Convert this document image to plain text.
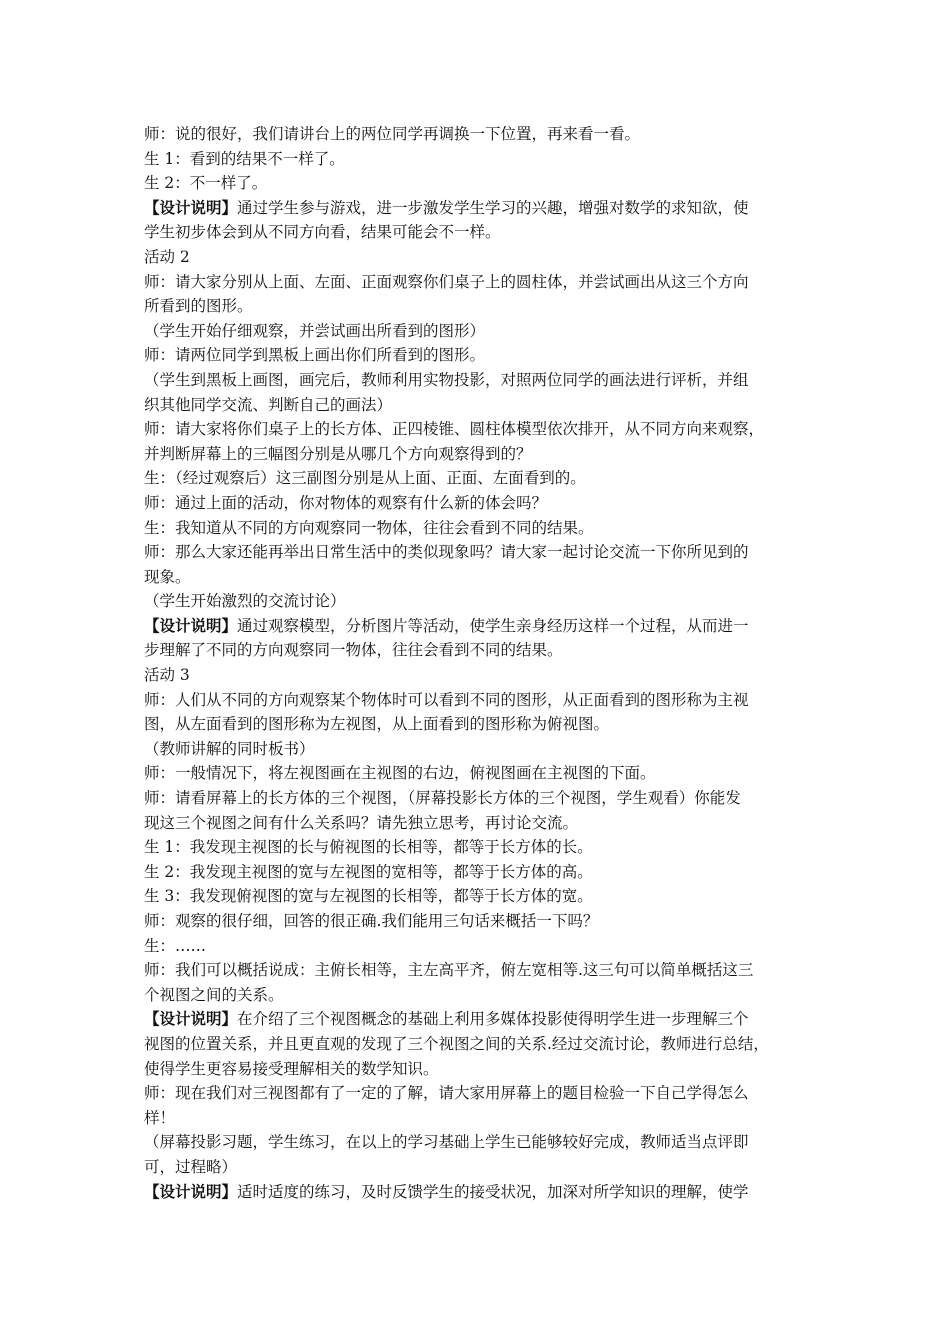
师：说的很好，我们请讲台上的两位同学再调换一下位置，再来看一看。
生 1：看到的结果不一样了。
生 2：不一样了。
【设计说明】通过学生参与游戏，进一步激发学生学习的兴趣，增强对数学的求知欲，使
学生初步体会到从不同方向看，结果可能会不一样。
活动 2
师：请大家分别从上面、左面、正面观察你们桌子上的圆柱体，并尝试画出从这三个方向
所看到的图形。
（学生开始仔细观察，并尝试画出所看到的图形）
师：请两位同学到黑板上画出你们所看到的图形。
（学生到黑板上画图，画完后，教师利用实物投影，对照两位同学的画法进行评析，并组
织其他同学交流、判断自己的画法）
师：请大家将你们桌子上的长方体、正四棱锥、圆柱体模型依次排开，从不同方向来观察，
并判断屏幕上的三幅图分别是从哪几个方向观察得到的？
生：（经过观察后）这三副图分别是从上面、正面、左面看到的。
师：通过上面的活动，你对物体的观察有什么新的体会吗？
生：我知道从不同的方向观察同一物体，往往会看到不同的结果。
师：那么大家还能再举出日常生活中的类似现象吗？请大家一起讨论交流一下你所见到的
现象。
（学生开始激烈的交流讨论）
【设计说明】通过观察模型，分析图片等活动，使学生亲身经历这样一个过程，从而进一
步理解了不同的方向观察同一物体，往往会看到不同的结果。
活动 3
师：人们从不同的方向观察某个物体时可以看到不同的图形，从正面看到的图形称为主视
图，从左面看到的图形称为左视图，从上面看到的图形称为俯视图。
（教师讲解的同时板书）
师：一般情况下，将左视图画在主视图的右边，俯视图画在主视图的下面。
师：请看屏幕上的长方体的三个视图，（屏幕投影长方体的三个视图，学生观看）你能发
现这三个视图之间有什么关系吗？请先独立思考，再讨论交流。
生 1：我发现主视图的长与俯视图的长相等，都等于长方体的长。
生 2：我发现主视图的宽与左视图的宽相等，都等于长方体的高。
生 3：我发现俯视图的宽与左视图的长相等，都等于长方体的宽。
师：观察的很仔细，回答的很正确.我们能用三句话来概括一下吗？
生：……
师：我们可以概括说成：主俯长相等，主左高平齐，俯左宽相等.这三句可以简单概括这三
个视图之间的关系。
【设计说明】在介绍了三个视图概念的基础上利用多媒体投影使得明学生进一步理解三个
视图的位置关系，并且更直观的发现了三个视图之间的关系.经过交流讨论，教师进行总结，
使得学生更容易接受理解相关的数学知识。
师：现在我们对三视图都有了一定的了解，请大家用屏幕上的题目检验一下自己学得怎么
样！
（屏幕投影习题，学生练习，在以上的学习基础上学生已能够较好完成，教师适当点评即
可，过程略）
【设计说明】适时适度的练习，及时反馈学生的接受状况，加深对所学知识的理解，使学
